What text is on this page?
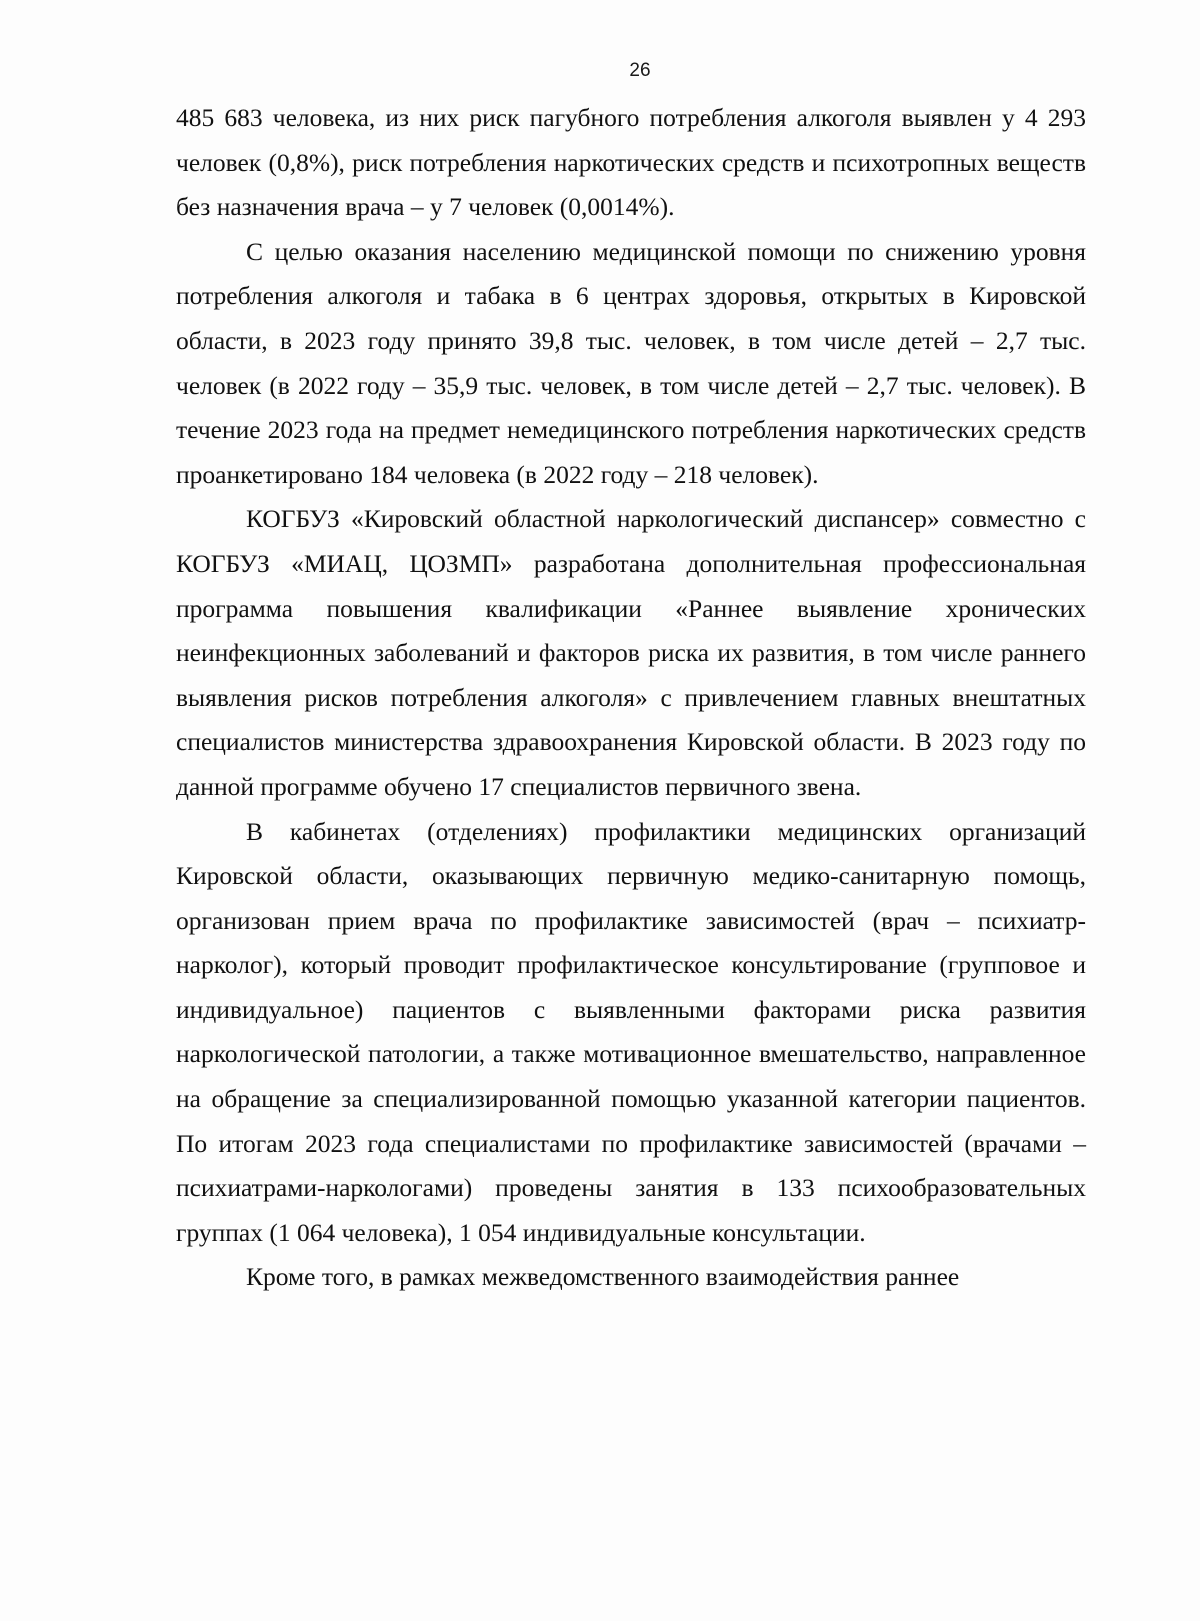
26

485 683 человека, из них риск пагубного потребления алкоголя выявлен у 4 293 человек (0,8%), риск потребления наркотических средств и психотропных веществ без назначения врача – у 7 человек (0,0014%).

С целью оказания населению медицинской помощи по снижению уровня потребления алкоголя и табака в 6 центрах здоровья, открытых в Кировской области, в 2023 году принято 39,8 тыс. человек, в том числе детей – 2,7 тыс. человек (в 2022 году – 35,9 тыс. человек, в том числе детей – 2,7 тыс. человек). В течение 2023 года на предмет немедицинского потребления наркотических средств проанкетировано 184 человека (в 2022 году – 218 человек).

КОГБУЗ «Кировский областной наркологический диспансер» совместно с КОГБУЗ «МИАЦ, ЦОЗМП» разработана дополнительная профессиональная программа повышения квалификации «Раннее выявление хронических неинфекционных заболеваний и факторов риска их развития, в том числе раннего выявления рисков потребления алкоголя» с привлечением главных внештатных специалистов министерства здравоохранения Кировской области. В 2023 году по данной программе обучено 17 специалистов первичного звена.

В кабинетах (отделениях) профилактики медицинских организаций Кировской области, оказывающих первичную медико-санитарную помощь, организован прием врача по профилактике зависимостей (врач – психиатр-нарколог), который проводит профилактическое консультирование (групповое и индивидуальное) пациентов с выявленными факторами риска развития наркологической патологии, а также мотивационное вмешательство, направленное на обращение за специализированной помощью указанной категории пациентов. По итогам 2023 года специалистами по профилактике зависимостей (врачами – психиатрами-наркологами) проведены занятия в 133 психообразовательных группах (1 064 человека), 1 054 индивидуальные консультации.

Кроме того, в рамках межведомственного взаимодействия раннее
